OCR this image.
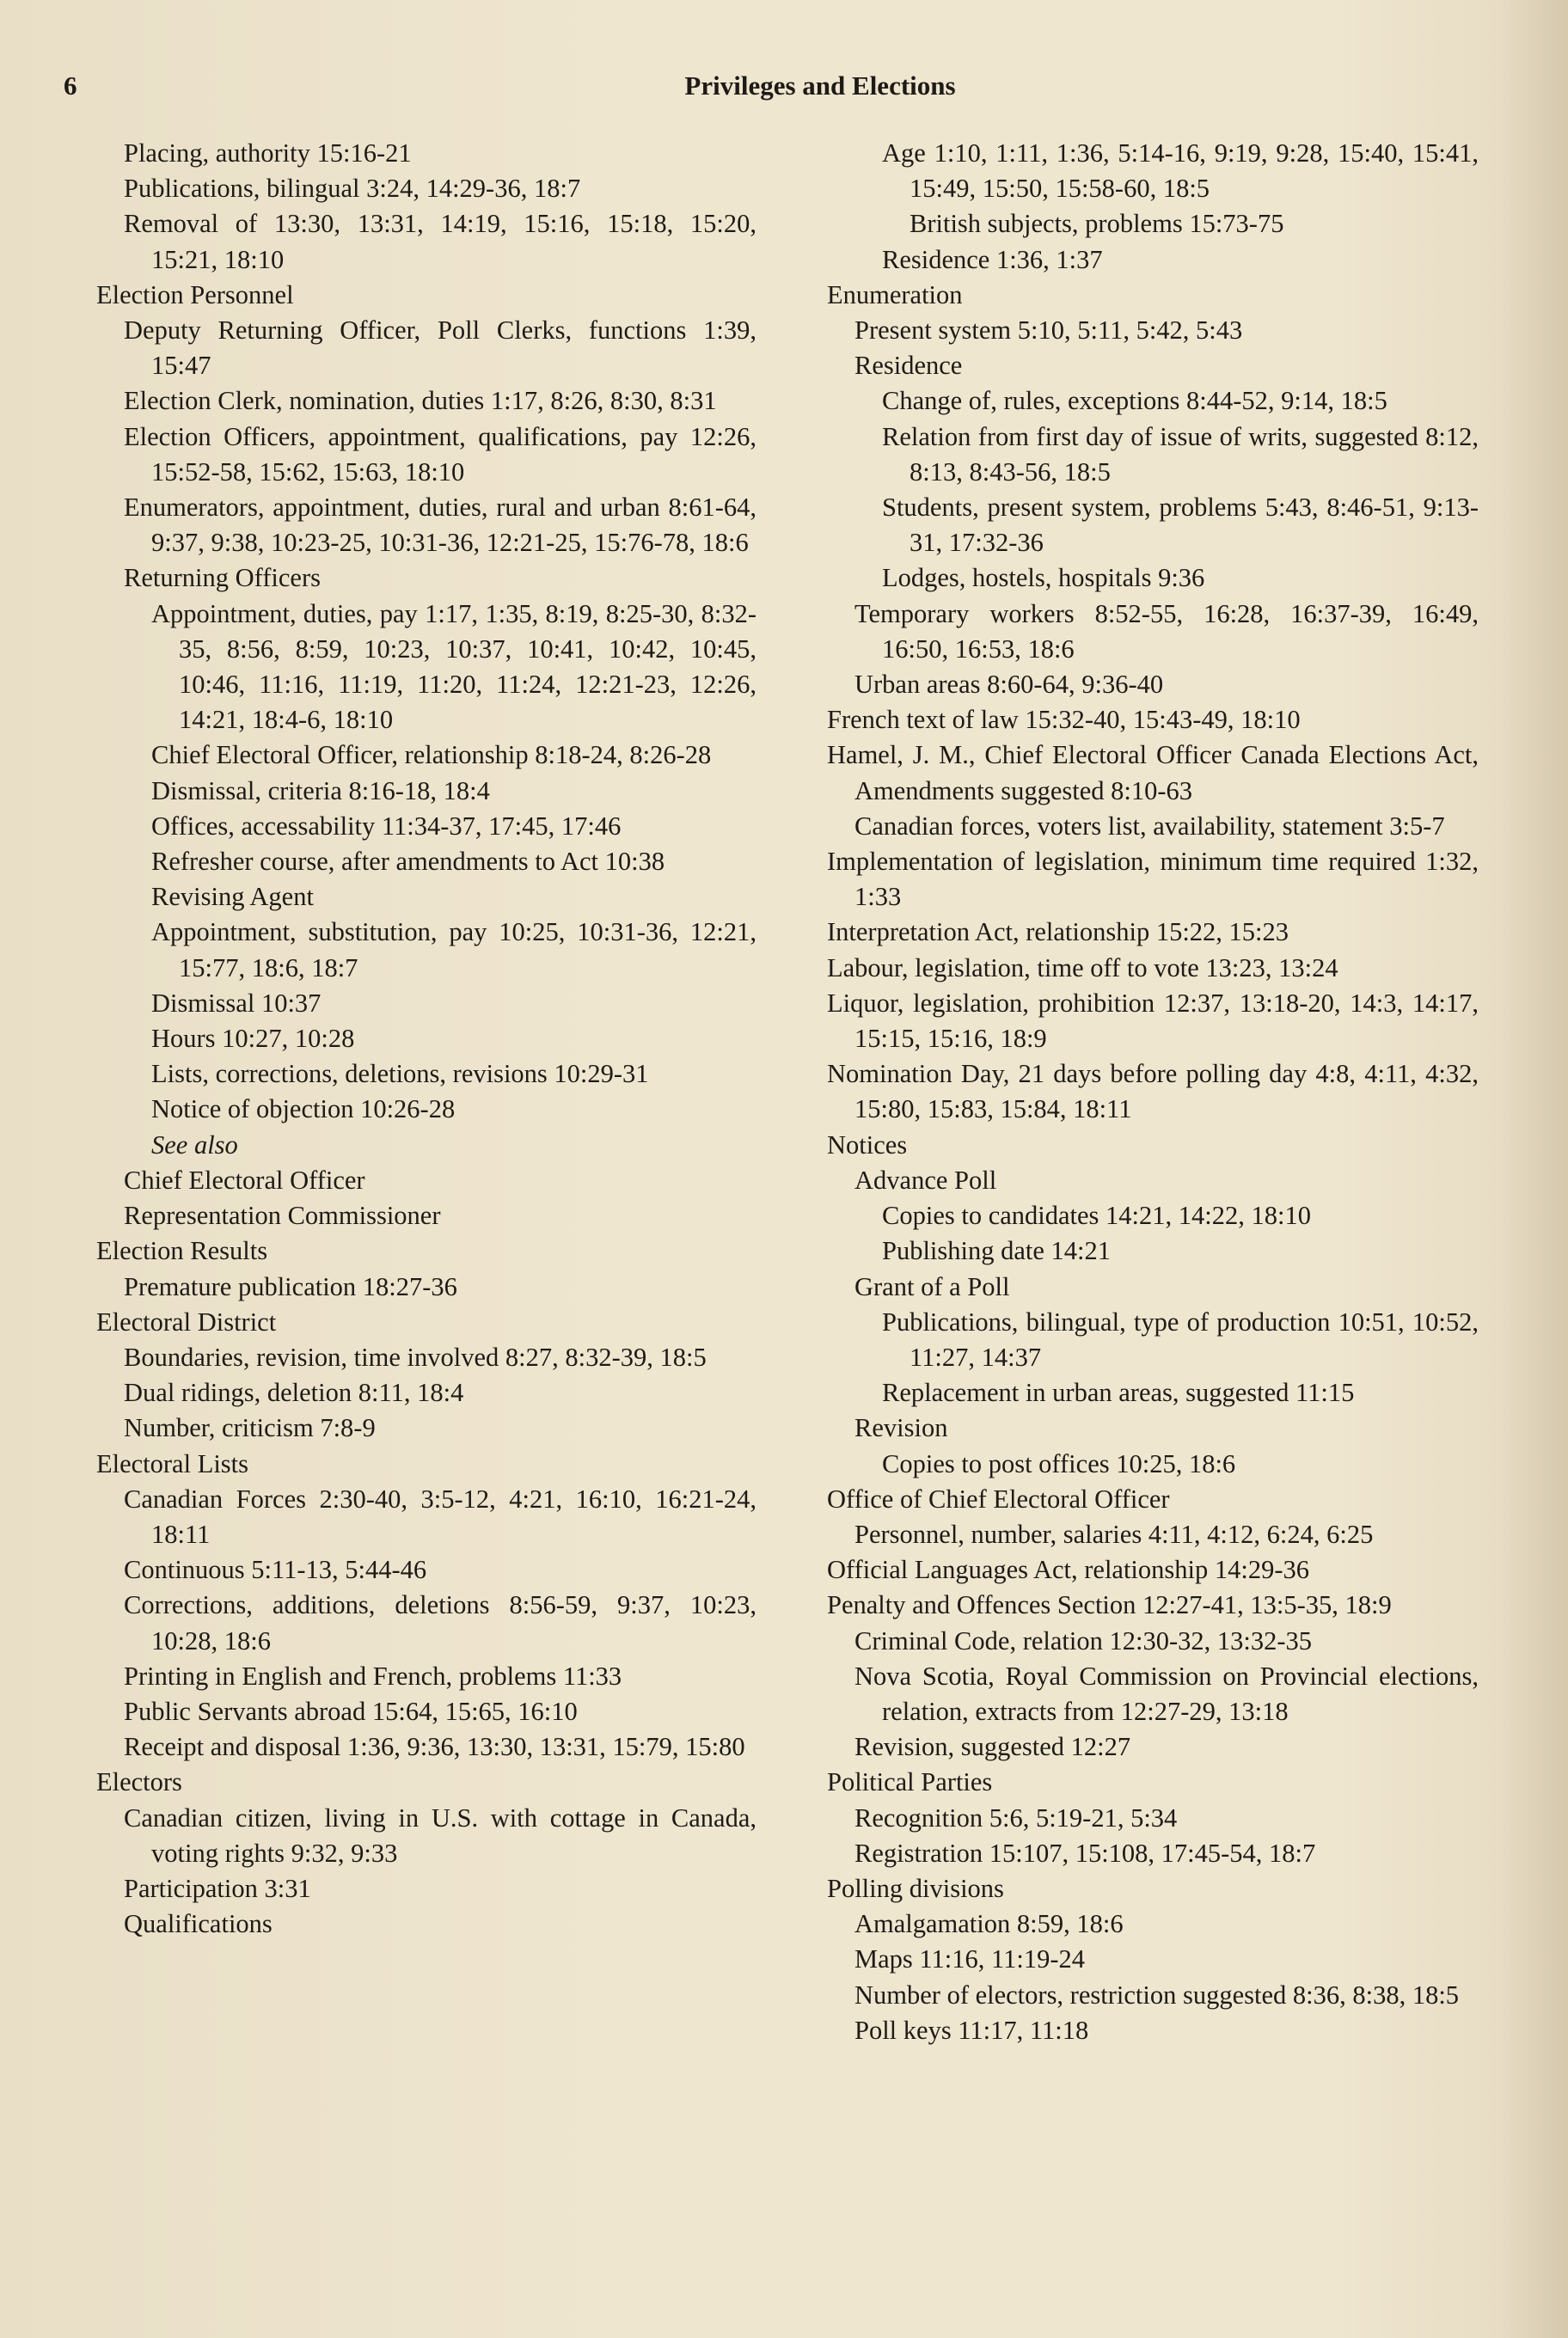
6	Privileges and Elections
Placing, authority 15:16-21
Publications, bilingual 3:24, 14:29-36, 18:7
Removal of 13:30, 13:31, 14:19, 15:16, 15:18, 15:20, 15:21, 18:10
Election Personnel
Deputy Returning Officer, Poll Clerks, functions 1:39, 15:47
Election Clerk, nomination, duties 1:17, 8:26, 8:30, 8:31
Election Officers, appointment, qualifications, pay 12:26, 15:52-58, 15:62, 15:63, 18:10
Enumerators, appointment, duties, rural and urban 8:61-64, 9:37, 9:38, 10:23-25, 10:31-36, 12:21-25, 15:76-78, 18:6
Returning Officers
Appointment, duties, pay 1:17, 1:35, 8:19, 8:25-30, 8:32-35, 8:56, 8:59, 10:23, 10:37, 10:41, 10:42, 10:45, 10:46, 11:16, 11:19, 11:20, 11:24, 12:21-23, 12:26, 14:21, 18:4-6, 18:10
Chief Electoral Officer, relationship 8:18-24, 8:26-28
Dismissal, criteria 8:16-18, 18:4
Offices, accessability 11:34-37, 17:45, 17:46
Refresher course, after amendments to Act 10:38
Revising Agent
Appointment, substitution, pay 10:25, 10:31-36, 12:21, 15:77, 18:6, 18:7
Dismissal 10:37
Hours 10:27, 10:28
Lists, corrections, deletions, revisions 10:29-31
Notice of objection 10:26-28
See also
Chief Electoral Officer
Representation Commissioner
Election Results
Premature publication 18:27-36
Electoral District
Boundaries, revision, time involved 8:27, 8:32-39, 18:5
Dual ridings, deletion 8:11, 18:4
Number, criticism 7:8-9
Electoral Lists
Canadian Forces 2:30-40, 3:5-12, 4:21, 16:10, 16:21-24, 18:11
Continuous 5:11-13, 5:44-46
Corrections, additions, deletions 8:56-59, 9:37, 10:23, 10:28, 18:6
Printing in English and French, problems 11:33
Public Servants abroad 15:64, 15:65, 16:10
Receipt and disposal 1:36, 9:36, 13:30, 13:31, 15:79, 15:80
Electors
Canadian citizen, living in U.S. with cottage in Canada, voting rights 9:32, 9:33
Participation 3:31
Qualifications
Age 1:10, 1:11, 1:36, 5:14-16, 9:19, 9:28, 15:40, 15:41, 15:49, 15:50, 15:58-60, 18:5
British subjects, problems 15:73-75
Residence 1:36, 1:37
Enumeration
Present system 5:10, 5:11, 5:42, 5:43
Residence
Change of, rules, exceptions 8:44-52, 9:14, 18:5
Relation from first day of issue of writs, suggested 8:12, 8:13, 8:43-56, 18:5
Students, present system, problems 5:43, 8:46-51, 9:13-31, 17:32-36
Lodges, hostels, hospitals 9:36
Temporary workers 8:52-55, 16:28, 16:37-39, 16:49, 16:50, 16:53, 18:6
Urban areas 8:60-64, 9:36-40
French text of law 15:32-40, 15:43-49, 18:10
Hamel, J. M., Chief Electoral Officer Canada Elections Act, Amendments suggested 8:10-63
Canadian forces, voters list, availability, statement 3:5-7
Implementation of legislation, minimum time required 1:32, 1:33
Interpretation Act, relationship 15:22, 15:23
Labour, legislation, time off to vote 13:23, 13:24
Liquor, legislation, prohibition 12:37, 13:18-20, 14:3, 14:17, 15:15, 15:16, 18:9
Nomination Day, 21 days before polling day 4:8, 4:11, 4:32, 15:80, 15:83, 15:84, 18:11
Notices
Advance Poll
Copies to candidates 14:21, 14:22, 18:10
Publishing date 14:21
Grant of a Poll
Publications, bilingual, type of production 10:51, 10:52, 11:27, 14:37
Replacement in urban areas, suggested 11:15
Revision
Copies to post offices 10:25, 18:6
Office of Chief Electoral Officer
Personnel, number, salaries 4:11, 4:12, 6:24, 6:25
Official Languages Act, relationship 14:29-36
Penalty and Offences Section 12:27-41, 13:5-35, 18:9
Criminal Code, relation 12:30-32, 13:32-35
Nova Scotia, Royal Commission on Provincial elections, relation, extracts from 12:27-29, 13:18
Revision, suggested 12:27
Political Parties
Recognition 5:6, 5:19-21, 5:34
Registration 15:107, 15:108, 17:45-54, 18:7
Polling divisions
Amalgamation 8:59, 18:6
Maps 11:16, 11:19-24
Number of electors, restriction suggested 8:36, 8:38, 18:5
Poll keys 11:17, 11:18
